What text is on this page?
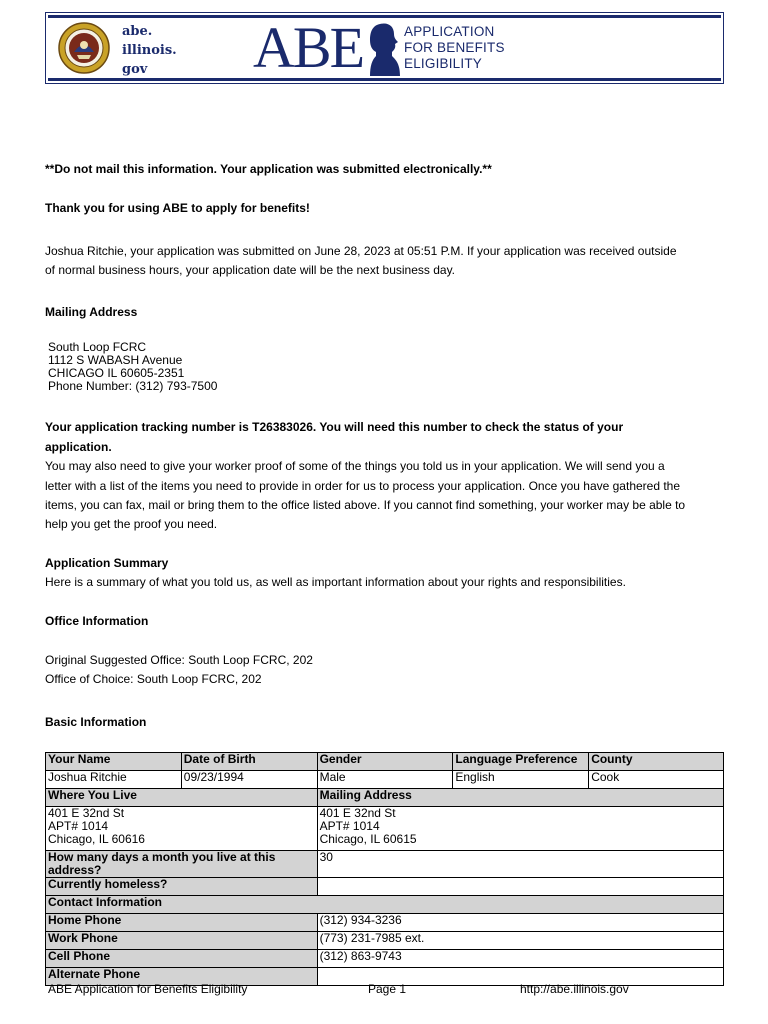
abe.
illinois.
gov	ABE	APPLICATION
FOR BENEFITS
ELIGIBILITY
**Do not mail this information. Your application was submitted electronically.**
Thank you for using ABE to apply for benefits!
Joshua Ritchie, your application was submitted on June 28, 2023 at 05:51 P.M. If your application was received outside
of normal business hours, your application date will be the next business day.
Mailing Address
South Loop FCRC
1112 S WABASH Avenue
CHICAGO IL 60605-2351
Phone Number: (312) 793-7500
Your application tracking number is T26383026. You will need this number to check the status of your
application.
You may also need to give your worker proof of some of the things you told us in your application. We will send you a
letter with a list of the items you need to provide in order for us to process your application. Once you have gathered the
items, you can fax, mail or bring them to the office listed above. If you cannot find something, your worker may be able to
help you get the proof you need.
Application Summary
Here is a summary of what you told us, as well as important information about your rights and responsibilities.
Office Information
Original Suggested Office: South Loop FCRC, 202
Office of Choice: South Loop FCRC, 202
Basic Information
Your Name	Date of Birth	Gender	Language Preference	County
Joshua Ritchie	09/23/1994	Male	English	Cook
Where You Live		Mailing Address		
401 E 32nd St
APT# 1014
Chicago, IL 60616		401 E 32nd St
APT# 1014
Chicago, IL 60615		
How many days a month you live at this address?		30		
Currently homeless?				
Contact Information				
Home Phone		(312) 934-3236		
Work Phone		(773) 231-7985 ext.		
Cell Phone		(312) 863-9743		
Alternate Phone				
ABE Application for Benefits Eligibility	Page 1	http://abe.illinois.gov
